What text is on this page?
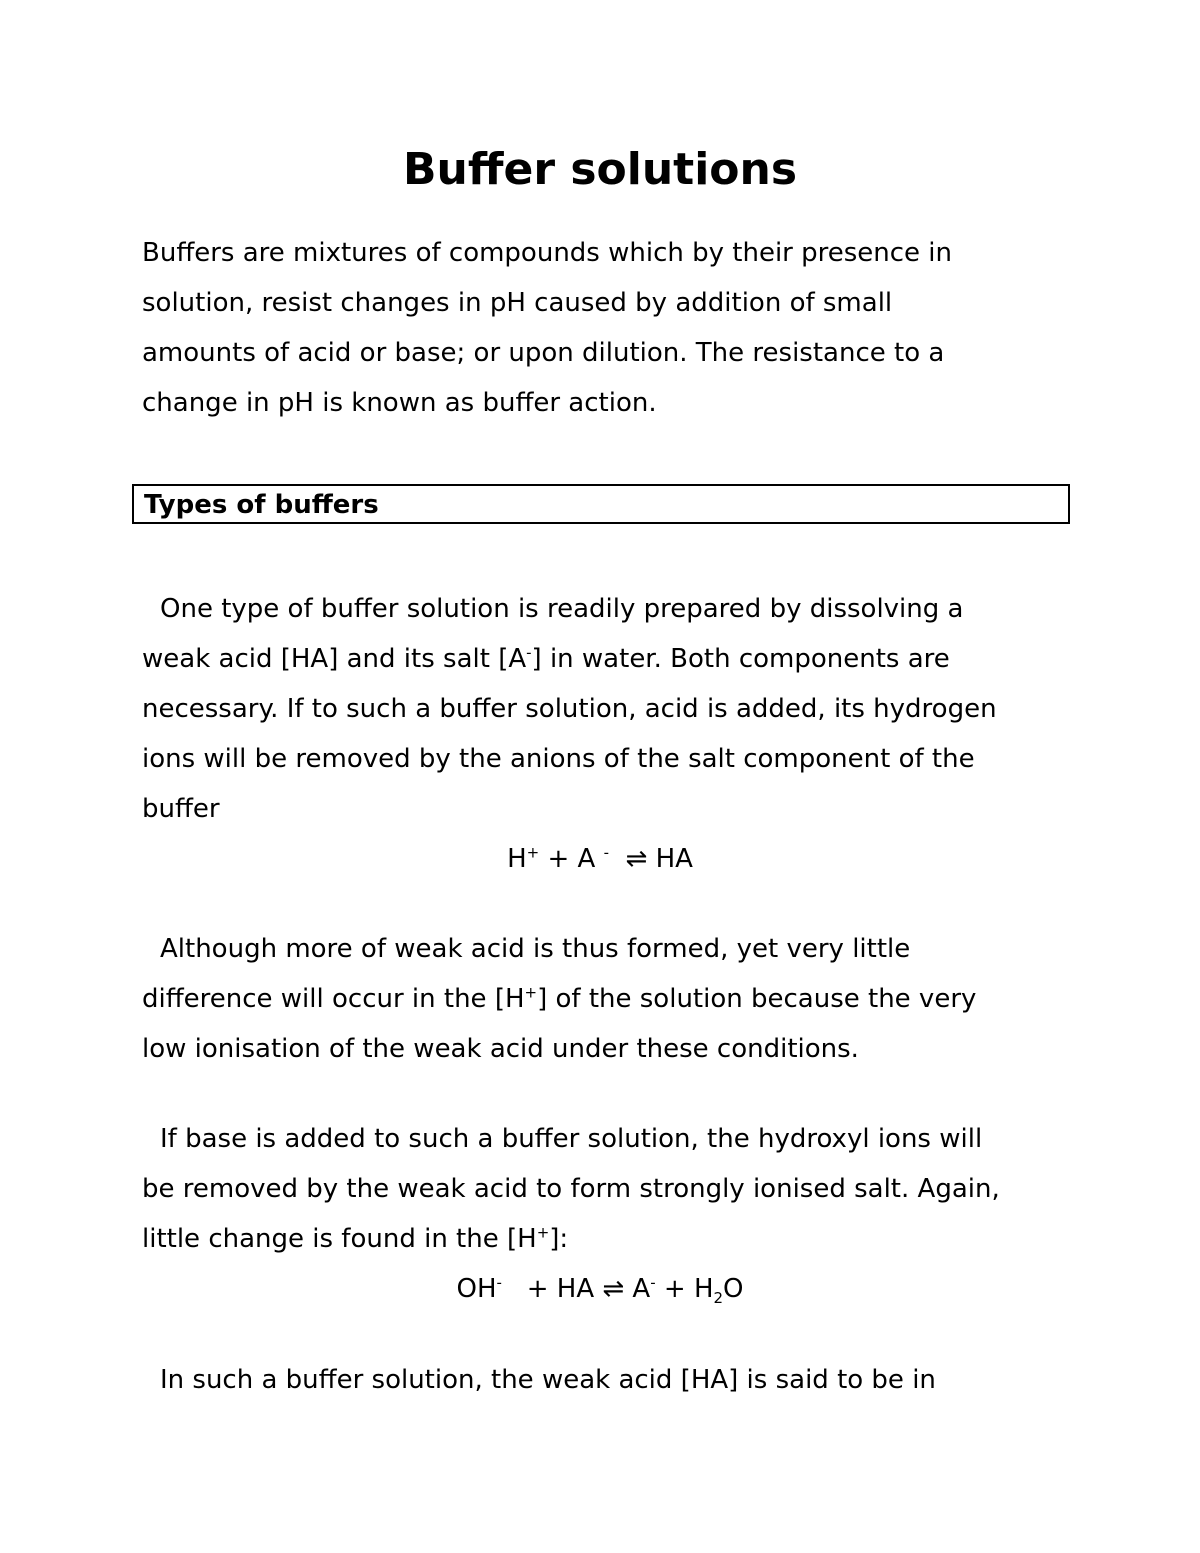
Buffer solutions

Buffers are mixtures of compounds which by their presence in
solution, resist changes in pH caused by addition of small
amounts of acid or base; or upon dilution. The resistance to a
change in pH is known as buffer action.

Types of buffers

One type of buffer solution is readily prepared by dissolving a
weak acid [HA] and its salt [A-] in water. Both components are
necessary. If to such a buffer solution, acid is added, its hydrogen
ions will be removed by the anions of the salt component of the
buffer

H+ + A -  ⇌ HA

Although more of weak acid is thus formed, yet very little
difference will occur in the [H+] of the solution because the very
low ionisation of the weak acid under these conditions.

If base is added to such a buffer solution, the hydroxyl ions will
be removed by the weak acid to form strongly ionised salt. Again,
little change is found in the [H+]:

OH-   + HA ⇌ $A^- + H_2O$

In such a buffer solution, the weak acid [HA] is said to be in
